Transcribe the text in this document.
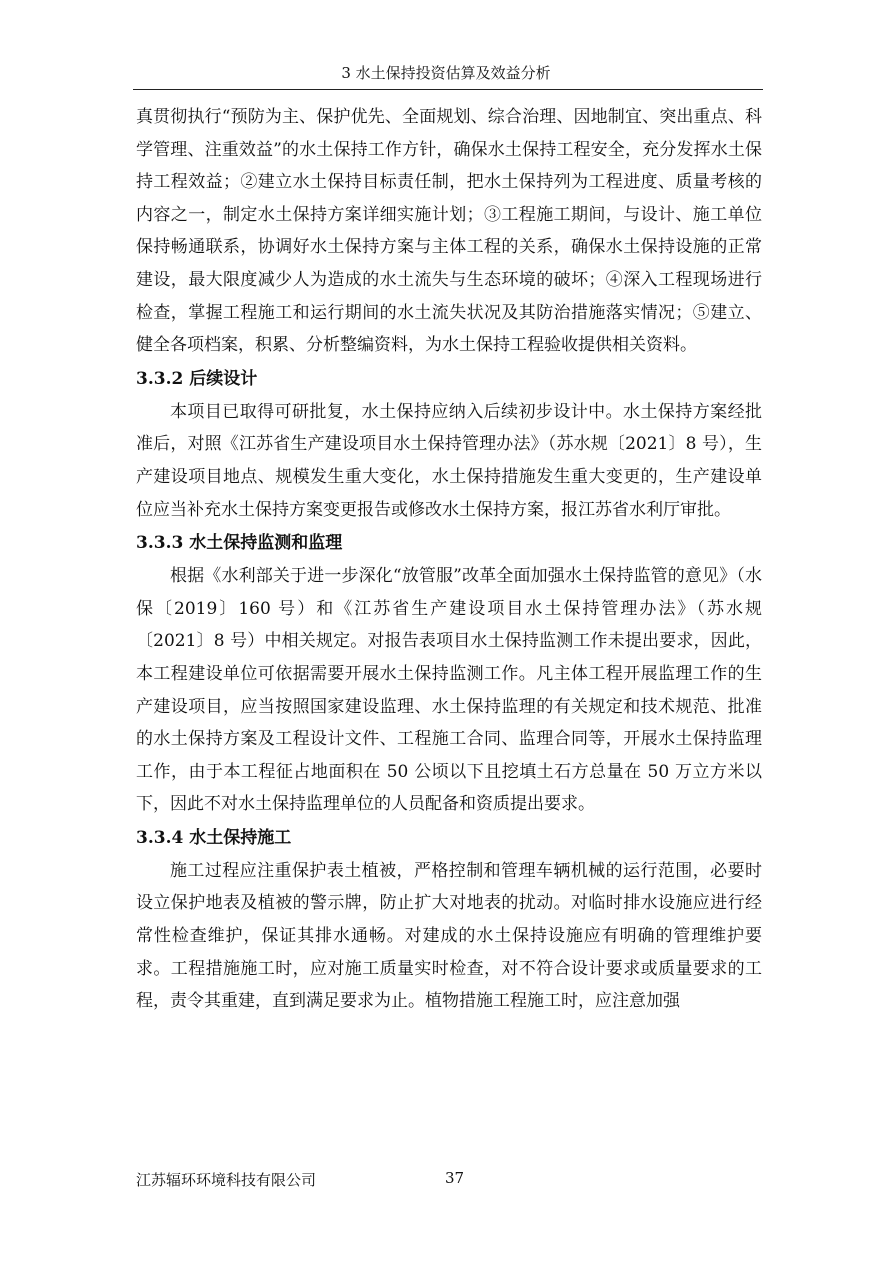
3 水土保持投资估算及效益分析

真贯彻执行“预防为主、保护优先、全面规划、综合治理、因地制宜、突出重点、科学管理、注重效益”的水土保持工作方针，确保水土保持工程安全，充分发挥水土保持工程效益；②建立水土保持目标责任制，把水土保持列为工程进度、质量考核的内容之一，制定水土保持方案详细实施计划；③工程施工期间，与设计、施工单位保持畅通联系，协调好水土保持方案与主体工程的关系，确保水土保持设施的正常建设，最大限度减少人为造成的水土流失与生态环境的破坏；④深入工程现场进行检查，掌握工程施工和运行期间的水土流失状况及其防治措施落实情况；⑤建立、健全各项档案，积累、分析整编资料，为水土保持工程验收提供相关资料。

3.3.2 后续设计

本项目已取得可研批复，水土保持应纳入后续初步设计中。水土保持方案经批准后，对照《江苏省生产建设项目水土保持管理办法》（苏水规〔2021〕8 号），生产建设项目地点、规模发生重大变化，水土保持措施发生重大变更的，生产建设单位应当补充水土保持方案变更报告或修改水土保持方案，报江苏省水利厅审批。

3.3.3 水土保持监测和监理

根据《水利部关于进一步深化“放管服”改革全面加强水土保持监管的意见》（水保〔2019〕160 号）和《江苏省生产建设项目水土保持管理办法》（苏水规〔2021〕8 号）中相关规定。对报告表项目水土保持监测工作未提出要求，因此，本工程建设单位可依据需要开展水土保持监测工作。凡主体工程开展监理工作的生产建设项目，应当按照国家建设监理、水土保持监理的有关规定和技术规范、批准的水土保持方案及工程设计文件、工程施工合同、监理合同等，开展水土保持监理工作，由于本工程征占地面积在 50 公顷以下且挖填土石方总量在 50 万立方米以下，因此不对水土保持监理单位的人员配备和资质提出要求。

3.3.4 水土保持施工

施工过程应注重保护表土植被，严格控制和管理车辆机械的运行范围，必要时设立保护地表及植被的警示牌，防止扩大对地表的扰动。对临时排水设施应进行经常性检查维护，保证其排水通畅。对建成的水土保持设施应有明确的管理维护要求。工程措施施工时，应对施工质量实时检查，对不符合设计要求或质量要求的工程，责令其重建，直到满足要求为止。植物措施工程施工时，应注意加强

江苏辐环环境科技有限公司	37
